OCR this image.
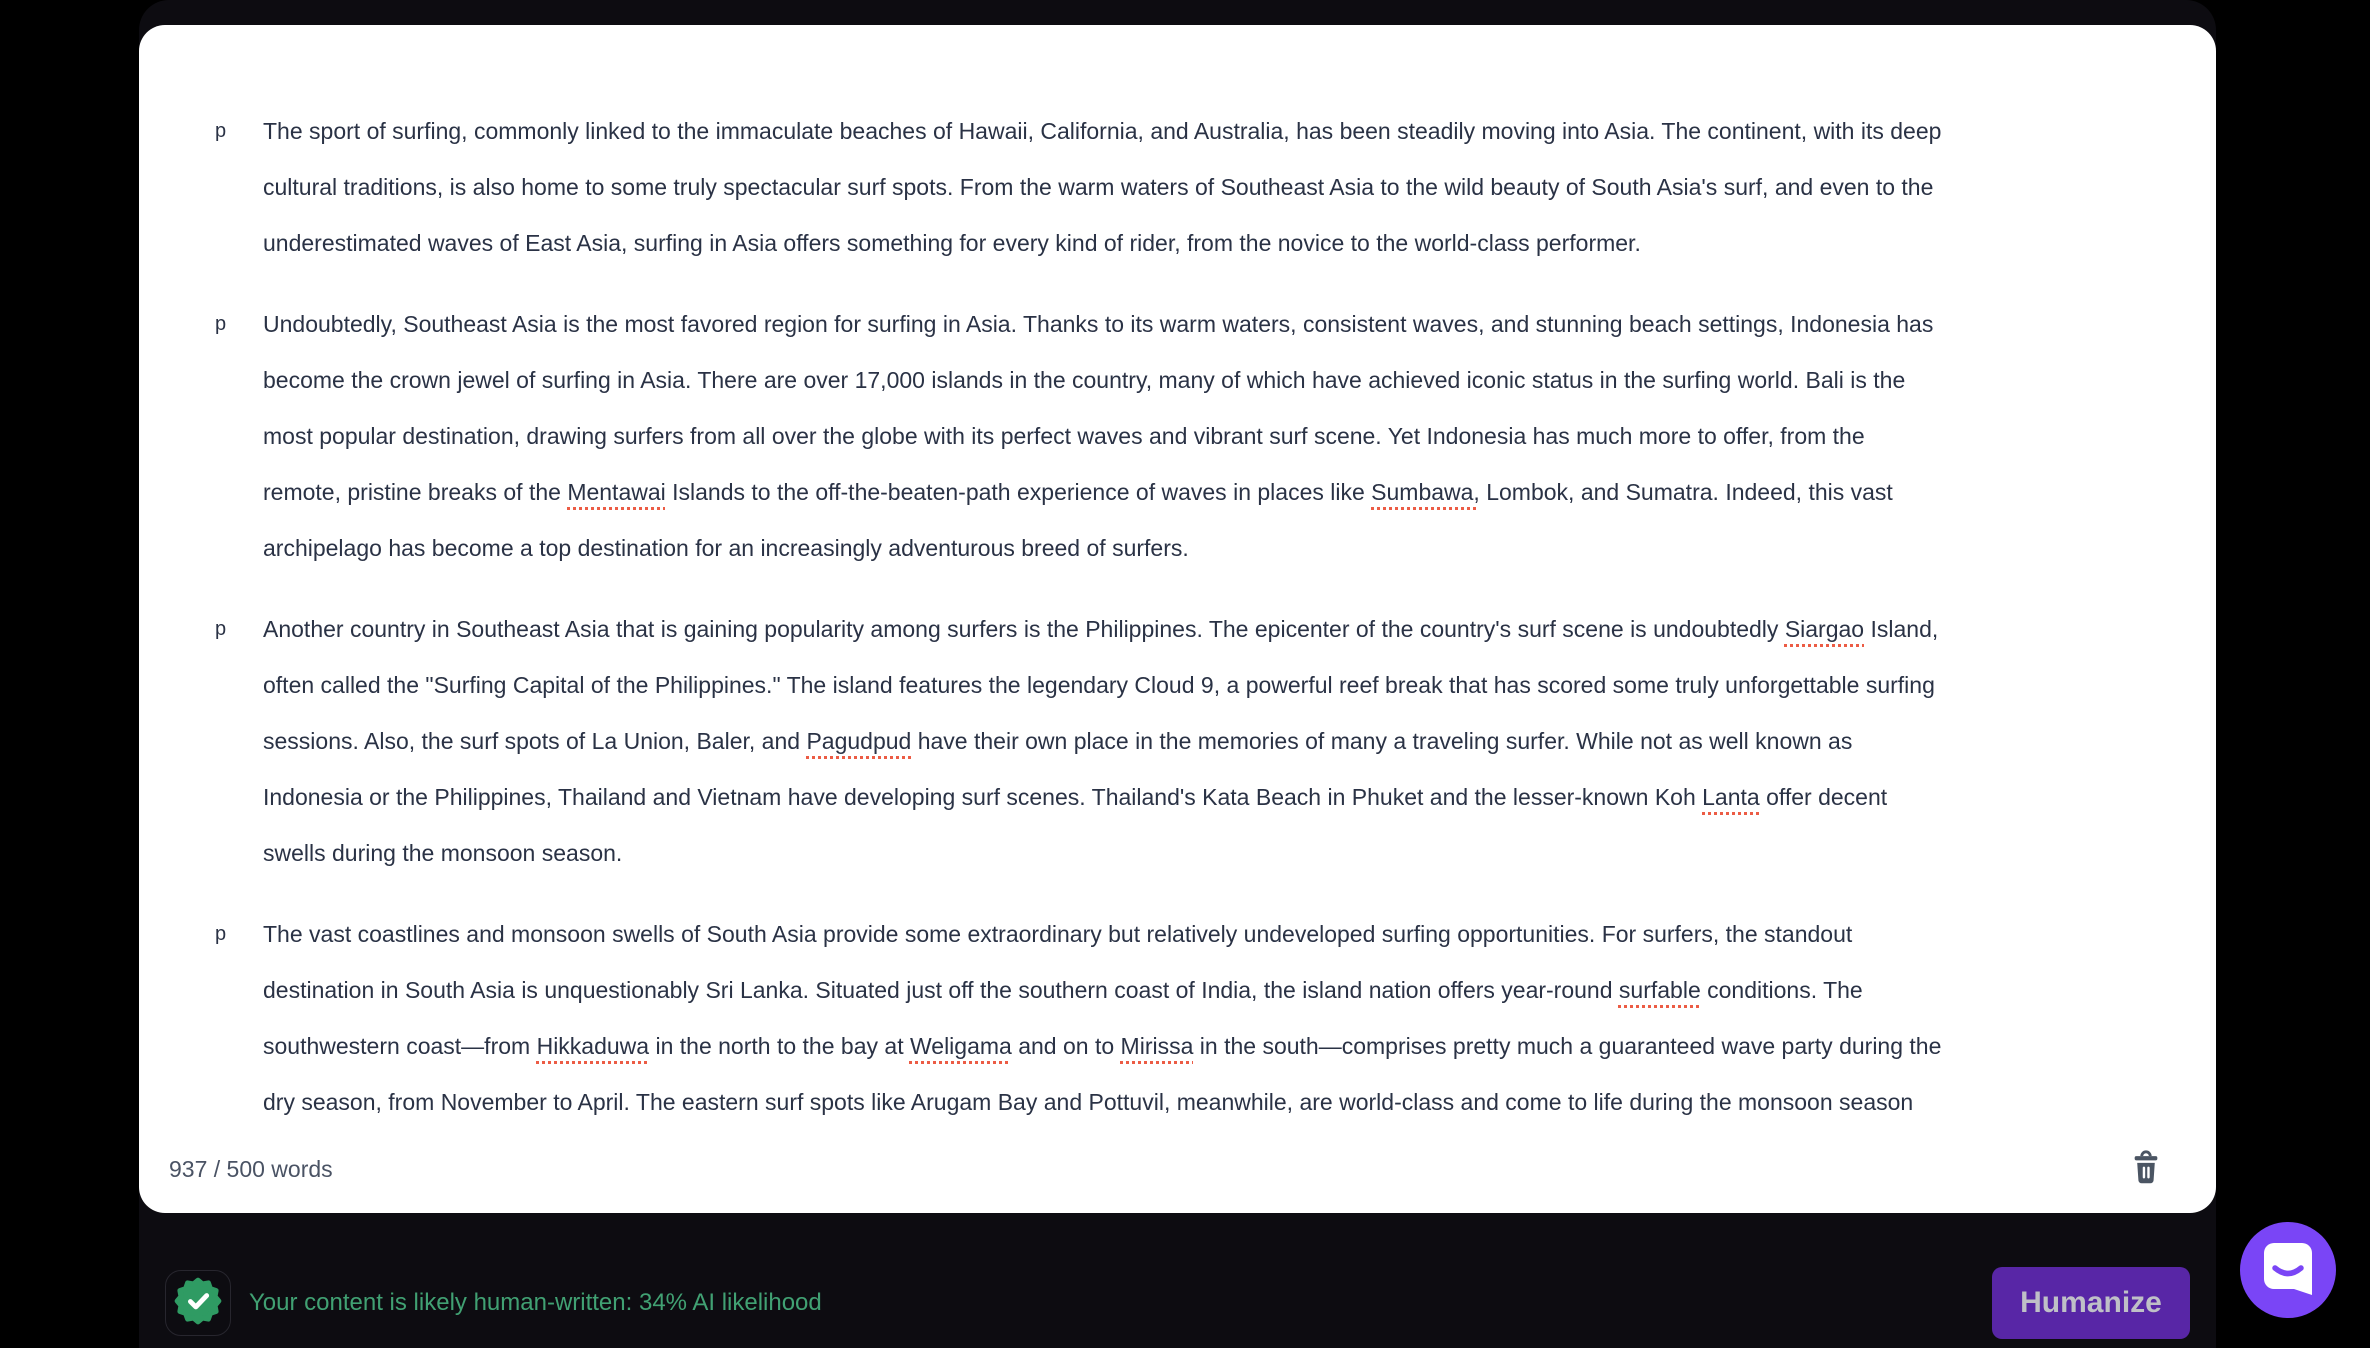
p	The sport of surfing, commonly linked to the immaculate beaches of Hawaii, California, and Australia, has been steadily moving into Asia. The continent, with its deep
cultural traditions, is also home to some truly spectacular surf spots. From the warm waters of Southeast Asia to the wild beauty of South Asia's surf, and even to the
underestimated waves of East Asia, surfing in Asia offers something for every kind of rider, from the novice to the world-class performer.
p	Undoubtedly, Southeast Asia is the most favored region for surfing in Asia. Thanks to its warm waters, consistent waves, and stunning beach settings, Indonesia has
become the crown jewel of surfing in Asia. There are over 17,000 islands in the country, many of which have achieved iconic status in the surfing world. Bali is the
most popular destination, drawing surfers from all over the globe with its perfect waves and vibrant surf scene. Yet Indonesia has much more to offer, from the
remote, pristine breaks of the Mentawai Islands to the off-the-beaten-path experience of waves in places like Sumbawa, Lombok, and Sumatra. Indeed, this vast
archipelago has become a top destination for an increasingly adventurous breed of surfers.
p	Another country in Southeast Asia that is gaining popularity among surfers is the Philippines. The epicenter of the country's surf scene is undoubtedly Siargao Island,
often called the "Surfing Capital of the Philippines." The island features the legendary Cloud 9, a powerful reef break that has scored some truly unforgettable surfing
sessions. Also, the surf spots of La Union, Baler, and Pagudpud have their own place in the memories of many a traveling surfer. While not as well known as
Indonesia or the Philippines, Thailand and Vietnam have developing surf scenes. Thailand's Kata Beach in Phuket and the lesser-known Koh Lanta offer decent
swells during the monsoon season.
p	The vast coastlines and monsoon swells of South Asia provide some extraordinary but relatively undeveloped surfing opportunities. For surfers, the standout
destination in South Asia is unquestionably Sri Lanka. Situated just off the southern coast of India, the island nation offers year-round surfable conditions. The
southwestern coast—from Hikkaduwa in the north to the bay at Weligama and on to Mirissa in the south—comprises pretty much a guaranteed wave party during the
dry season, from November to April. The eastern surf spots like Arugam Bay and Pottuvil, meanwhile, are world-class and come to life during the monsoon season
937 / 500 words
Your content is likely human-written: 34% AI likelihood	Humanize
